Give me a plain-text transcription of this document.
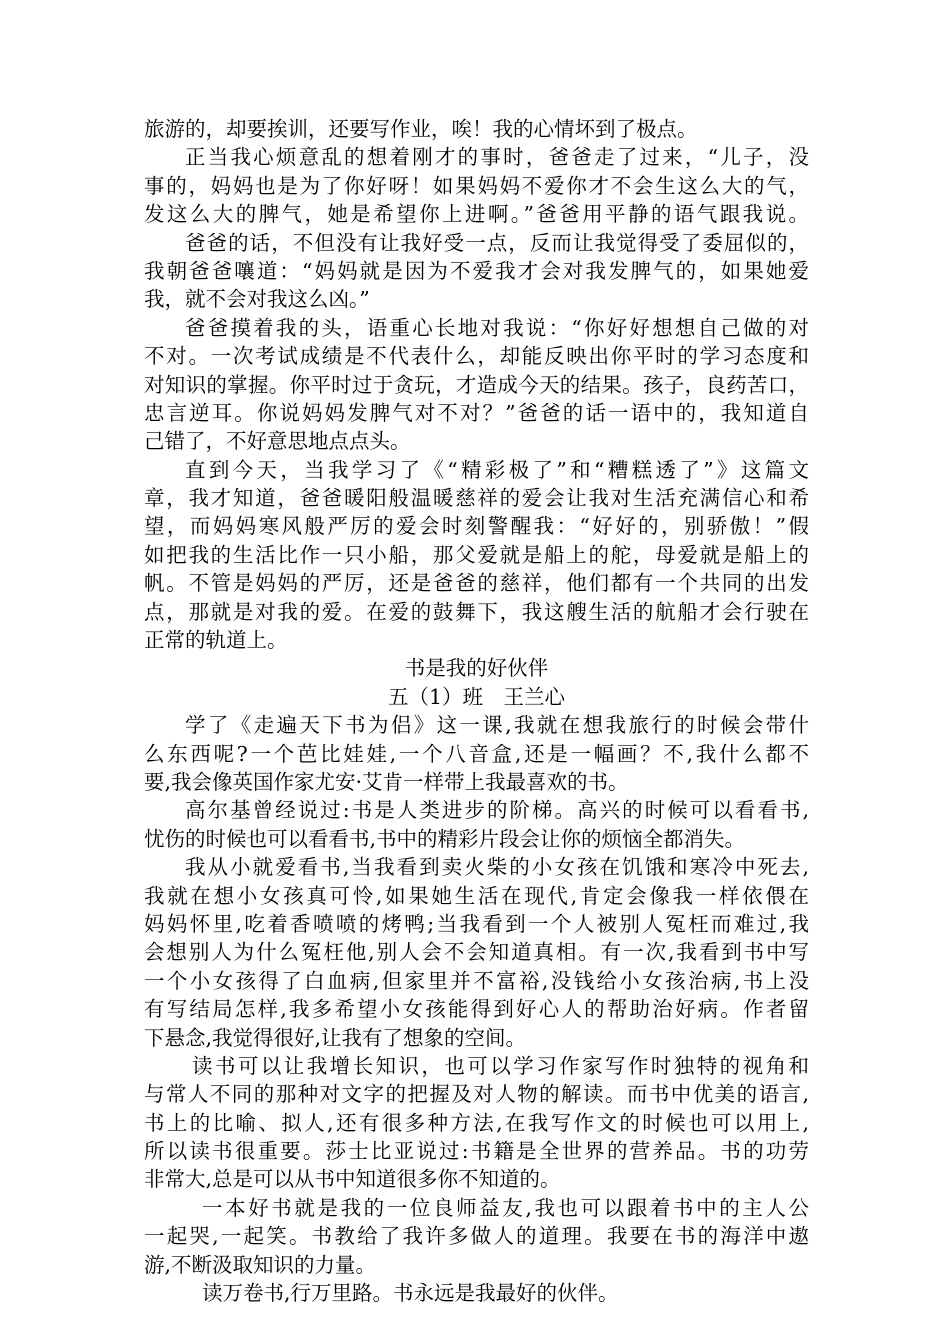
旅游的，却要挨训，还要写作业，唉！我的心情坏到了极点。
正当我心烦意乱的想着刚才的事时，爸爸走了过来，“儿子，没
事的，妈妈也是为了你好呀！如果妈妈不爱你才不会生这么大的气，
发这么大的脾气，她是希望你上进啊。”爸爸用平静的语气跟我说。
爸爸的话，不但没有让我好受一点，反而让我觉得受了委屈似的，
我朝爸爸嚷道：“妈妈就是因为不爱我才会对我发脾气的，如果她爱
我，就不会对我这么凶。”
爸爸摸着我的头，语重心长地对我说：“你好好想想自己做的对
不对。一次考试成绩是不代表什么，却能反映出你平时的学习态度和
对知识的掌握。你平时过于贪玩，才造成今天的结果。孩子，良药苦口，
忠言逆耳。你说妈妈发脾气对不对？”爸爸的话一语中的，我知道自
己错了，不好意思地点点头。
直到今天，当我学习了《“精彩极了”和“糟糕透了”》这篇文
章，我才知道，爸爸暖阳般温暖慈祥的爱会让我对生活充满信心和希
望，而妈妈寒风般严厉的爱会时刻警醒我：“好好的，别骄傲！”假
如把我的生活比作一只小船，那父爱就是船上的舵，母爱就是船上的
帆。不管是妈妈的严厉，还是爸爸的慈祥，他们都有一个共同的出发
点，那就是对我的爱。在爱的鼓舞下，我这艘生活的航船才会行驶在
正常的轨道上。
书是我的好伙伴
五（1）班　王兰心
学了《走遍天下书为侣》这一课,我就在想我旅行的时候会带什
么东西呢?一个芭比娃娃,一个八音盒,还是一幅画？不,我什么都不
要,我会像英国作家尤安·艾肯一样带上我最喜欢的书。
高尔基曾经说过:书是人类进步的阶梯。高兴的时候可以看看书,
忧伤的时候也可以看看书,书中的精彩片段会让你的烦恼全都消失。
我从小就爱看书,当我看到卖火柴的小女孩在饥饿和寒冷中死去,
我就在想小女孩真可怜,如果她生活在现代,肯定会像我一样依偎在
妈妈怀里,吃着香喷喷的烤鸭;当我看到一个人被别人冤枉而难过,我
会想别人为什么冤枉他,别人会不会知道真相。有一次,我看到书中写
一个小女孩得了白血病,但家里并不富裕,没钱给小女孩治病,书上没
有写结局怎样,我多希望小女孩能得到好心人的帮助治好病。作者留
下悬念,我觉得很好,让我有了想象的空间。
读书可以让我增长知识，也可以学习作家写作时独特的视角和
与常人不同的那种对文字的把握及对人物的解读。而书中优美的语言,
书上的比喻、拟人,还有很多种方法,在我写作文的时候也可以用上,
所以读书很重要。莎士比亚说过:书籍是全世界的营养品。书的功劳
非常大,总是可以从书中知道很多你不知道的。
一本好书就是我的一位良师益友,我也可以跟着书中的主人公
一起哭,一起笑。书教给了我许多做人的道理。我要在书的海洋中遨
游,不断汲取知识的力量。
读万卷书,行万里路。书永远是我最好的伙伴。
